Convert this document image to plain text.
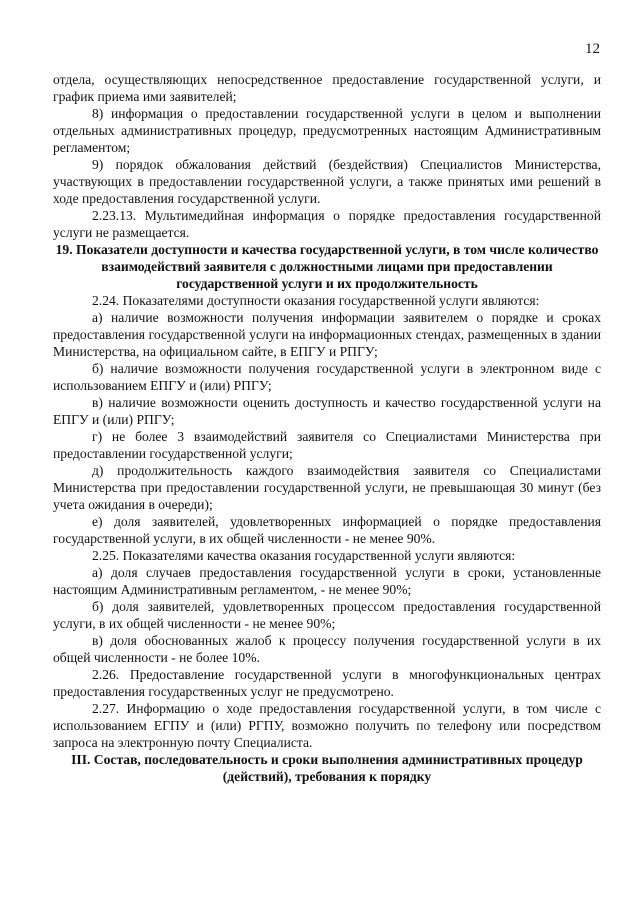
12

отдела, осуществляющих непосредственное предоставление государственной услуги, и график приема ими заявителей;

8) информация о предоставлении государственной услуги в целом и выполнении отдельных административных процедур, предусмотренных настоящим Административным регламентом;

9) порядок обжалования действий (бездействия) Специалистов Министерства, участвующих в предоставлении государственной услуги, а также принятых ими решений в ходе предоставления государственной услуги.

2.23.13. Мультимедийная информация о порядке предоставления государственной услуги не размещается.

19. Показатели доступности и качества государственной услуги, в том числе количество взаимодействий заявителя с должностными лицами при предоставлении государственной услуги и их продолжительность

2.24. Показателями доступности оказания государственной услуги являются:

а) наличие возможности получения информации заявителем о порядке и сроках предоставления государственной услуги на информационных стендах, размещенных в здании Министерства, на официальном сайте, в ЕПГУ и РПГУ;

б) наличие возможности получения государственной услуги в электронном виде с использованием ЕПГУ и (или) РПГУ;

в) наличие возможности оценить доступность и качество государственной услуги на ЕПГУ и (или) РПГУ;

г) не более 3 взаимодействий заявителя со Специалистами Министерства при предоставлении государственной услуги;

д) продолжительность каждого взаимодействия заявителя со Специалистами Министерства при предоставлении государственной услуги, не превышающая 30 минут (без учета ожидания в очереди);

е) доля заявителей, удовлетворенных информацией о порядке предоставления государственной услуги, в их общей численности - не менее 90%.

2.25. Показателями качества оказания государственной услуги являются:

а) доля случаев предоставления государственной услуги в сроки, установленные настоящим Административным регламентом, - не менее 90%;

б) доля заявителей, удовлетворенных процессом предоставления государственной услуги, в их общей численности - не менее 90%;

в) доля обоснованных жалоб к процессу получения государственной услуги в их общей численности - не более 10%.

2.26. Предоставление государственной услуги в многофункциональных центрах предоставления государственных услуг не предусмотрено.

2.27. Информацию о ходе предоставления государственной услуги, в том числе с использованием ЕГПУ и (или) РГПУ, возможно получить по телефону или посредством запроса на электронную почту Специалиста.

III. Состав, последовательность и сроки выполнения административных процедур (действий), требования к порядку
